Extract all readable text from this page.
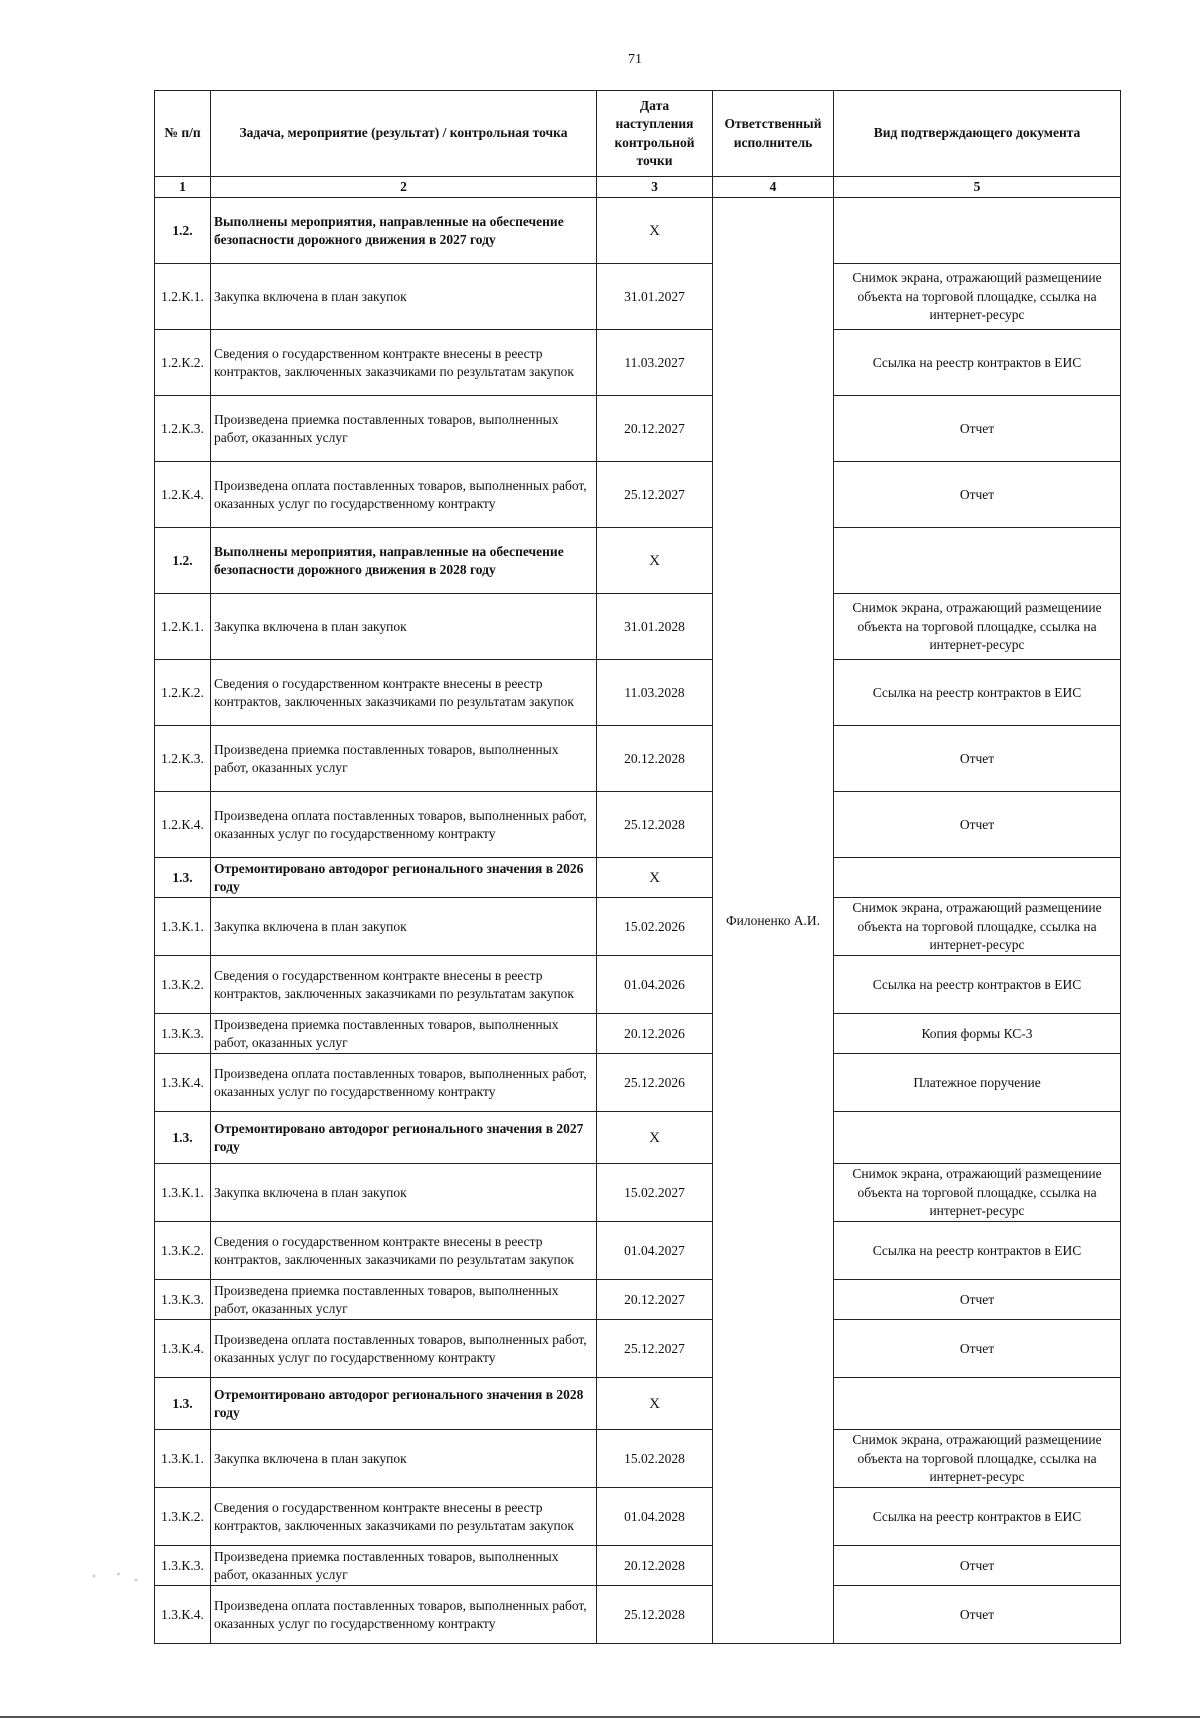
71
№ п/п	Задача, мероприятие (результат) / контрольная точка	Дата наступления контрольной точки	Ответственный исполнитель	Вид подтверждающего документа
1	2	3	4	5
1.2.	Выполнены мероприятия, направленные на обеспечение безопасности дорожного движения в 2027 году	X	Филоненко А.И.	
1.2.К.1.	Закупка включена в план закупок	31.01.2027		Снимок экрана, отражающий размещениие объекта на торговой площадке, ссылка на интернет-ресурс
1.2.К.2.	Сведения о государственном контракте внесены в реестр контрактов, заключенных заказчиками по результатам закупок	11.03.2027		Ссылка на реестр контрактов в ЕИС
1.2.К.3.	Произведена приемка поставленных товаров, выполненных работ, оказанных услуг	20.12.2027		Отчет
1.2.К.4.	Произведена оплата поставленных товаров, выполненных работ, оказанных услуг по государственному контракту	25.12.2027		Отчет
1.2.	Выполнены мероприятия, направленные на обеспечение безопасности дорожного движения в 2028 году	X		
1.2.К.1.	Закупка включена в план закупок	31.01.2028		Снимок экрана, отражающий размещениие объекта на торговой площадке, ссылка на интернет-ресурс
1.2.К.2.	Сведения о государственном контракте внесены в реестр контрактов, заключенных заказчиками по результатам закупок	11.03.2028		Ссылка на реестр контрактов в ЕИС
1.2.К.3.	Произведена приемка поставленных товаров, выполненных работ, оказанных услуг	20.12.2028		Отчет
1.2.К.4.	Произведена оплата поставленных товаров, выполненных работ, оказанных услуг по государственному контракту	25.12.2028		Отчет
1.3.	Отремонтировано автодорог регионального значения в 2026 году	X		
1.3.К.1.	Закупка включена в план закупок	15.02.2026		Снимок экрана, отражающий размещениие объекта на торговой площадке, ссылка на интернет-ресурс
1.3.К.2.	Сведения о государственном контракте внесены в реестр контрактов, заключенных заказчиками по результатам закупок	01.04.2026		Ссылка на реестр контрактов в ЕИС
1.3.К.3.	Произведена приемка поставленных товаров, выполненных работ, оказанных услуг	20.12.2026		Копия формы КС-3
1.3.К.4.	Произведена оплата поставленных товаров, выполненных работ, оказанных услуг по государственному контракту	25.12.2026		Платежное поручение
1.3.	Отремонтировано автодорог регионального значения в 2027 году	X		
1.3.К.1.	Закупка включена в план закупок	15.02.2027		Снимок экрана, отражающий размещениие объекта на торговой площадке, ссылка на интернет-ресурс
1.3.К.2.	Сведения о государственном контракте внесены в реестр контрактов, заключенных заказчиками по результатам закупок	01.04.2027		Ссылка на реестр контрактов в ЕИС
1.3.К.3.	Произведена приемка поставленных товаров, выполненных работ, оказанных услуг	20.12.2027		Отчет
1.3.К.4.	Произведена оплата поставленных товаров, выполненных работ, оказанных услуг по государственному контракту	25.12.2027		Отчет
1.3.	Отремонтировано автодорог регионального значения в 2028 году	X		
1.3.К.1.	Закупка включена в план закупок	15.02.2028		Снимок экрана, отражающий размещениие объекта на торговой площадке, ссылка на интернет-ресурс
1.3.К.2.	Сведения о государственном контракте внесены в реестр контрактов, заключенных заказчиками по результатам закупок	01.04.2028		Ссылка на реестр контрактов в ЕИС
1.3.К.3.	Произведена приемка поставленных товаров, выполненных работ, оказанных услуг	20.12.2028		Отчет
1.3.К.4.	Произведена оплата поставленных товаров, выполненных работ, оказанных услуг по государственному контракту	25.12.2028		Отчет
